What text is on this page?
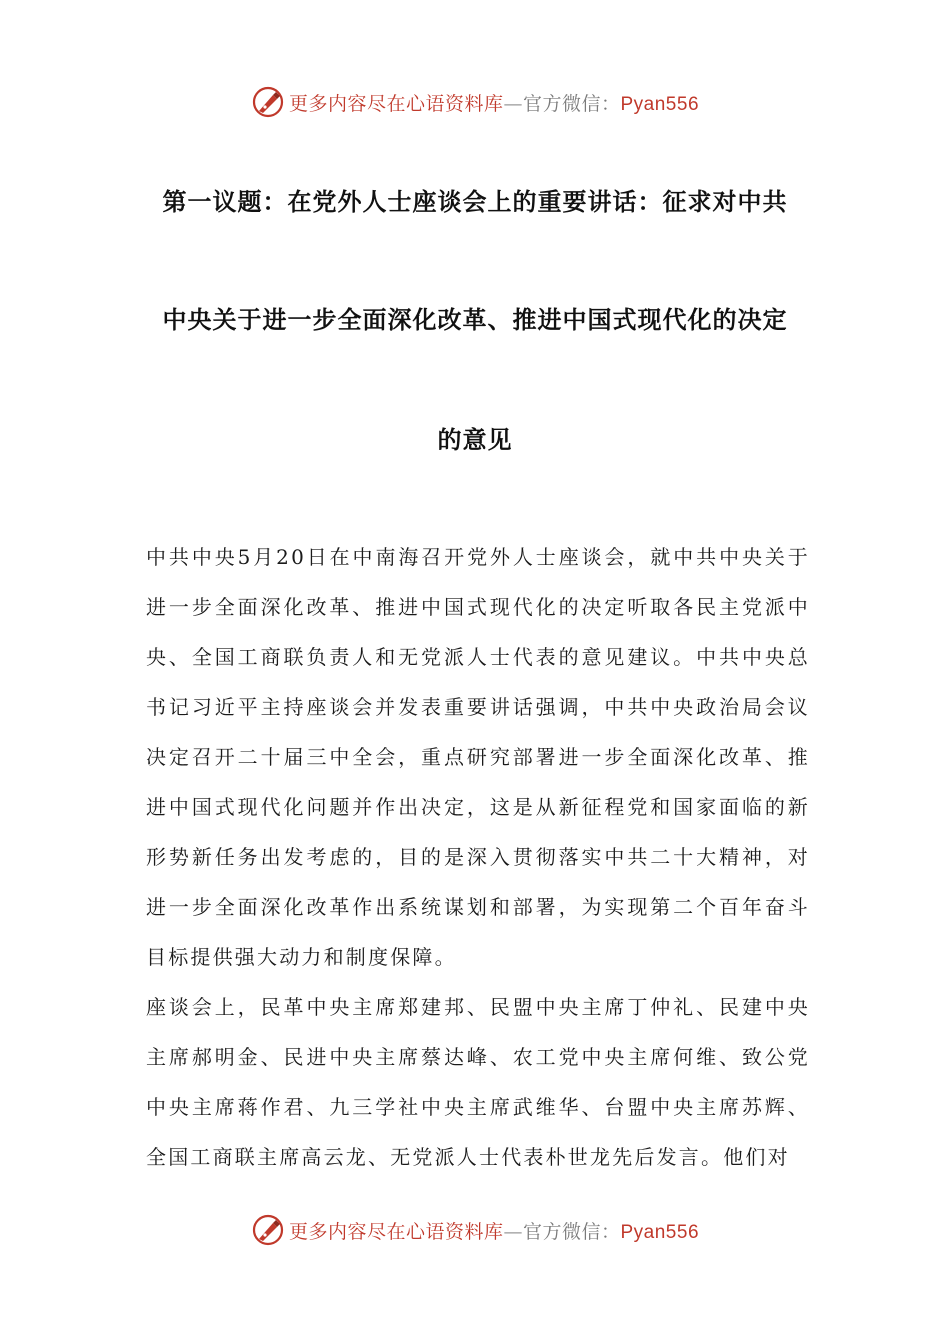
更多内容尽在心语资料库—官方微信：Pyan556
第一议题：在党外人士座谈会上的重要讲话：征求对中共
中央关于进一步全面深化改革、推进中国式现代化的决定
的意见

中共中央5月20日在中南海召开党外人士座谈会，就中共中央关于进一步全面深化改革、推进中国式现代化的决定听取各民主党派中央、全国工商联负责人和无党派人士代表的意见建议。中共中央总书记习近平主持座谈会并发表重要讲话强调，中共中央政治局会议决定召开二十届三中全会，重点研究部署进一步全面深化改革、推进中国式现代化问题并作出决定，这是从新征程党和国家面临的新形势新任务出发考虑的，目的是深入贯彻落实中共二十大精神，对进一步全面深化改革作出系统谋划和部署，为实现第二个百年奋斗目标提供强大动力和制度保障。

座谈会上，民革中央主席郑建邦、民盟中央主席丁仲礼、民建中央主席郝明金、民进中央主席蔡达峰、农工党中央主席何维、致公党中央主席蒋作君、九三学社中央主席武维华、台盟中央主席苏辉、全国工商联主席高云龙、无党派人士代表朴世龙先后发言。他们对

更多内容尽在心语资料库—官方微信：Pyan556
